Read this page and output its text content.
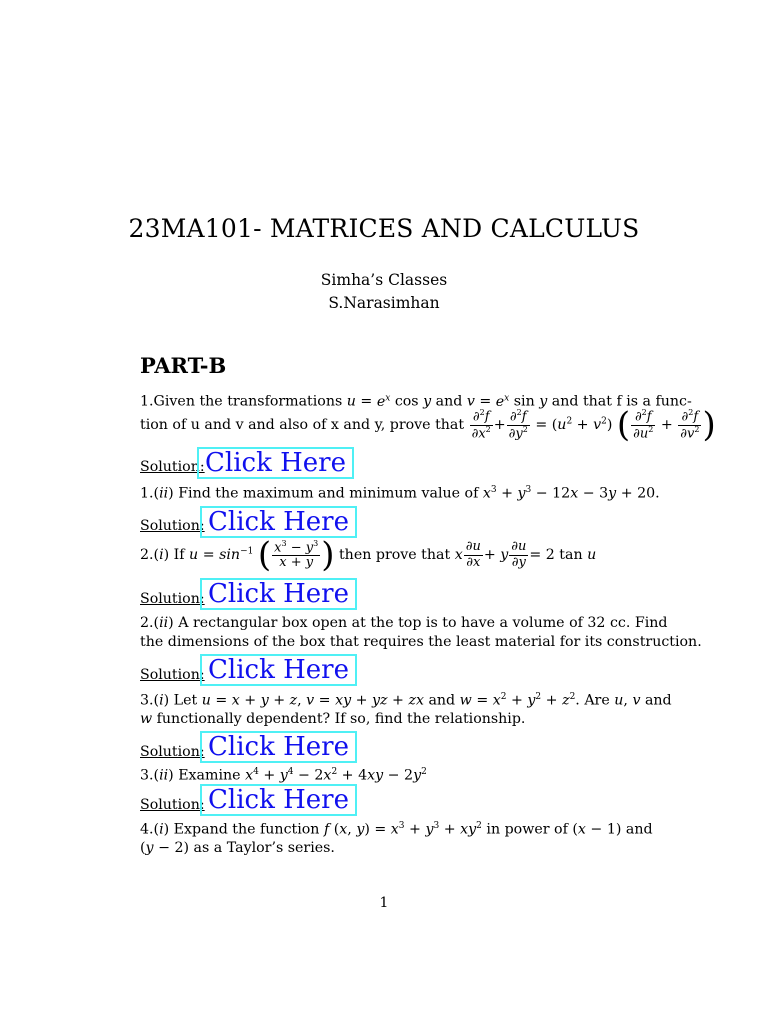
23MA101- MATRICES AND CALCULUS
Simha’s Classes
S.Narasimhan
PART-B
1.Given the transformations $u = e^x$ cos y and $v = e^x$ sin y and that f is a func-
tion of u and v and also of x and y, prove that $\frac{\partial^2f}{\partial x^2} + \frac{\partial^2f}{\partial y^2} = (u^2 + v^2)$ ( $\frac{\partial^2f}{\partial u^2} + \frac{\partial^2f}{\partial v^2}$ )
Solution: Click Here
1.(ii) Find the maximum and minimum value of $x^3 + y^3 - 12x - 3y + 20$.
Solution: Click Here
2.(i) If $u = \sin^{-1}$ ( $\frac{x^3 - y^3}{x + y}$ ) then prove that x $\frac{\partial u}{\partial x} + y \frac{\partial u}{\partial y} = 2$ tan u
Solution: Click Here
2.(ii) A rectangular box open at the top is to have a volume of 32 cc. Find
the dimensions of the box that requires the least material for its construction.
Solution: Click Here
3.(i) Let u = x + y + z, v = xy + yz + zx and $w = x^2 + y^2 + z^2$. Are u, v and
w functionally dependent? If so, find the relationship.
Solution: Click Here
3.(ii) Examine $x^4 + y^4 - 2x^2 + 4xy - 2y^2$
Solution: Click Here
4.(i) Expand the function f (x, $y) = x^3 + y^3 + xy^2$ in power of (x − 1) and
(y − 2) as a Taylor’s series.
1
